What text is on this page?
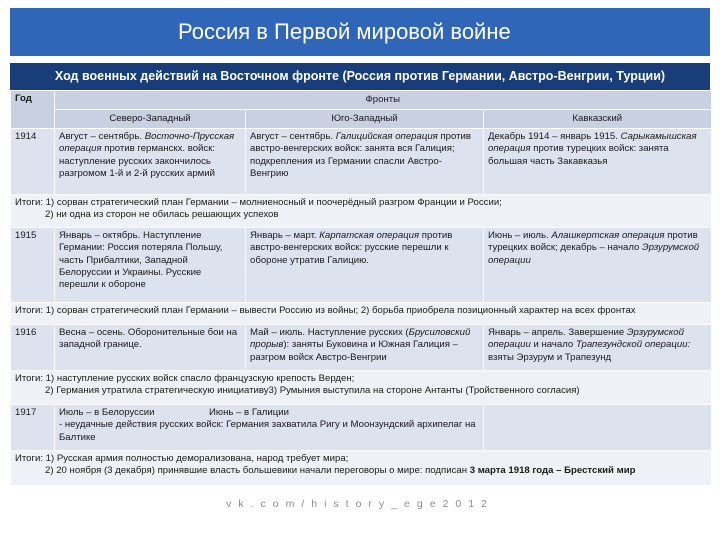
Россия в Первой мировой войне
Ход военных действий на Восточном фронте (Россия против Германии, Австро-Венгрии, Турции)
Год	Фронты		
	Северо-Западный	Юго-Западный	Кавказский
1914	Август – сентябрь. Восточно-Прусская операция против германскх. войск: наступление русских закончилось разгромом 1-й и 2-й русских армий	Август – сентябрь. Галицийская операция против австро-венгерских войск: занята вся Галиция; подкрепления из Германии спасли Австро-Венгрию	Декабрь 1914 – январь 1915. Сарыкамышская операция против турецких войск: занята большая часть Закавказья

Итоги: 1) сорван стратегический план Германии – молниеносный и поочерёдный разгром Франции и России;
2) ни одна из сторон не обилась решающих успехов			

1915	Январь – октябрь. Наступление Германии: Россия потеряла Польшу, часть Прибалтики, Западной Белоруссии и Украины. Русские перешли к обороне	Январь – март. Карпатская операция против австро-венгерских войск: русские перешли к обороне утратив Галицию.	Июнь – июль. Алашкертская операция против турецких войск; декабрь – начало Эрзурумской операции
Итоги: 1) сорван стратегический план Германии – вывести Россию из войны; 2) борьба приобрела позиционный характер на всех фронтах			
1916	Весна – осень. Оборонительные бои на западной границе.	Май – июль. Наступление русских (Брусиловский прорыв): заняты Буковина и Южная Галиция – разгром войск Австро-Венгрии	Январь – апрель. Завершение Эрзурумской операции и начало Трапезундской операции: взяты Эрзурум и Трапезунд

Итоги: 1) наступление русских войск спасло французскую крепость Верден;
2) Германия утратила стратегическую инициативу3) Румыния выступила на стороне Антанты (Тройственного согласия)			

1917	Июль – в Белоруссии Июнь – в Галиции
- неудачные действия русских войск: Германия захватила Ригу и Моонзундский архипелаг на Балтике		

Итоги: 1) Русская армия полностью деморализована, народ требует мира;
2) 20 ноября (3 декабря) принявшие власть большевики начали переговоры о мире: подписан 3 марта 1918 года – Брестский мир			
vk.com/history_ege2012
